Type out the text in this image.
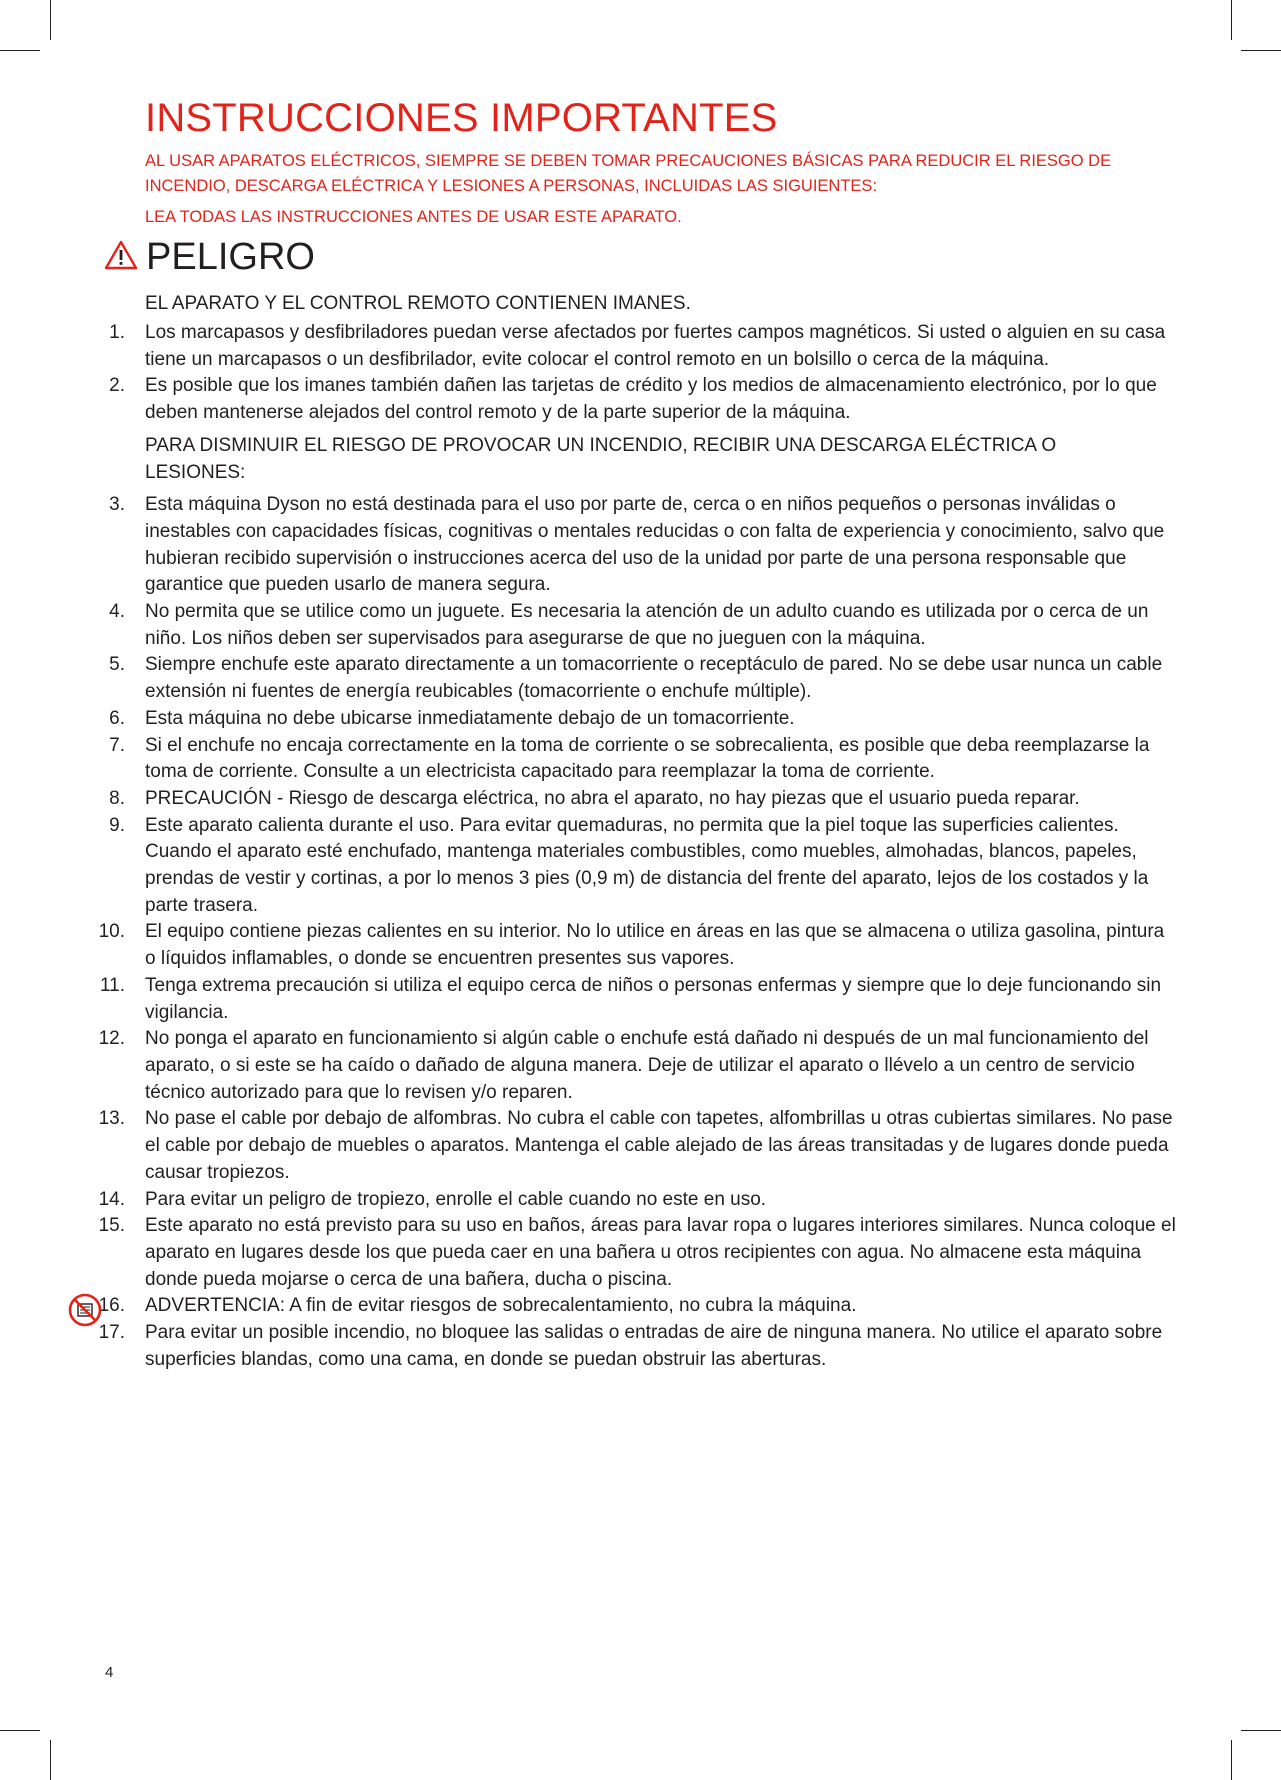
INSTRUCCIONES IMPORTANTES

AL USAR APARATOS ELÉCTRICOS, SIEMPRE SE DEBEN TOMAR PRECAUCIONES BÁSICAS PARA REDUCIR EL RIESGO DE INCENDIO, DESCARGA ELÉCTRICA Y LESIONES A PERSONAS, INCLUIDAS LAS SIGUIENTES:

LEA TODAS LAS INSTRUCCIONES ANTES DE USAR ESTE APARATO.

PELIGRO
EL APARATO Y EL CONTROL REMOTO CONTIENEN IMANES.
1. Los marcapasos y desfibriladores puedan verse afectados por fuertes campos magnéticos. Si usted o alguien en su casa tiene un marcapasos o un desfibrilador, evite colocar el control remoto en un bolsillo o cerca de la máquina.
2. Es posible que los imanes también dañen las tarjetas de crédito y los medios de almacenamiento electrónico, por lo que deben mantenerse alejados del control remoto y de la parte superior de la máquina.
PARA DISMINUIR EL RIESGO DE PROVOCAR UN INCENDIO, RECIBIR UNA DESCARGA ELÉCTRICA O LESIONES:
3. Esta máquina Dyson no está destinada para el uso por parte de, cerca o en niños pequeños o personas inválidas o inestables con capacidades físicas, cognitivas o mentales reducidas o con falta de experiencia y conocimiento, salvo que hubieran recibido supervisión o instrucciones acerca del uso de la unidad por parte de una persona responsable que garantice que pueden usarlo de manera segura.
4. No permita que se utilice como un juguete. Es necesaria la atención de un adulto cuando es utilizada por o cerca de un niño. Los niños deben ser supervisados para asegurarse de que no jueguen con la máquina.
5. Siempre enchufe este aparato directamente a un tomacorriente o receptáculo de pared. No se debe usar nunca un cable extensión ni fuentes de energía reubicables (tomacorriente o enchufe múltiple).
6. Esta máquina no debe ubicarse inmediatamente debajo de un tomacorriente.
7. Si el enchufe no encaja correctamente en la toma de corriente o se sobrecalienta, es posible que deba reemplazarse la toma de corriente. Consulte a un electricista capacitado para reemplazar la toma de corriente.
8. PRECAUCIÓN - Riesgo de descarga eléctrica, no abra el aparato, no hay piezas que el usuario pueda reparar.
9. Este aparato calienta durante el uso. Para evitar quemaduras, no permita que la piel toque las superficies calientes. Cuando el aparato esté enchufado, mantenga materiales combustibles, como muebles, almohadas, blancos, papeles, prendas de vestir y cortinas, a por lo menos 3 pies (0,9 m) de distancia del frente del aparato, lejos de los costados y la parte trasera.
10. El equipo contiene piezas calientes en su interior. No lo utilice en áreas en las que se almacena o utiliza gasolina, pintura o líquidos inflamables, o donde se encuentren presentes sus vapores.
11. Tenga extrema precaución si utiliza el equipo cerca de niños o personas enfermas y siempre que lo deje funcionando sin vigilancia.
12. No ponga el aparato en funcionamiento si algún cable o enchufe está dañado ni después de un mal funcionamiento del aparato, o si este se ha caído o dañado de alguna manera. Deje de utilizar el aparato o llévelo a un centro de servicio técnico autorizado para que lo revisen y/o reparen.
13. No pase el cable por debajo de alfombras. No cubra el cable con tapetes, alfombrillas u otras cubiertas similares. No pase el cable por debajo de muebles o aparatos. Mantenga el cable alejado de las áreas transitadas y de lugares donde pueda causar tropiezos.
14. Para evitar un peligro de tropiezo, enrolle el cable cuando no este en uso.
15. Este aparato no está previsto para su uso en baños, áreas para lavar ropa o lugares interiores similares. Nunca coloque el aparato en lugares desde los que pueda caer en una bañera u otros recipientes con agua. No almacene esta máquina donde pueda mojarse o cerca de una bañera, ducha o piscina.
16. ADVERTENCIA: A fin de evitar riesgos de sobrecalentamiento, no cubra la máquina.
17. Para evitar un posible incendio, no bloquee las salidas o entradas de aire de ninguna manera. No utilice el aparato sobre superficies blandas, como una cama, en donde se puedan obstruir las aberturas.
4
